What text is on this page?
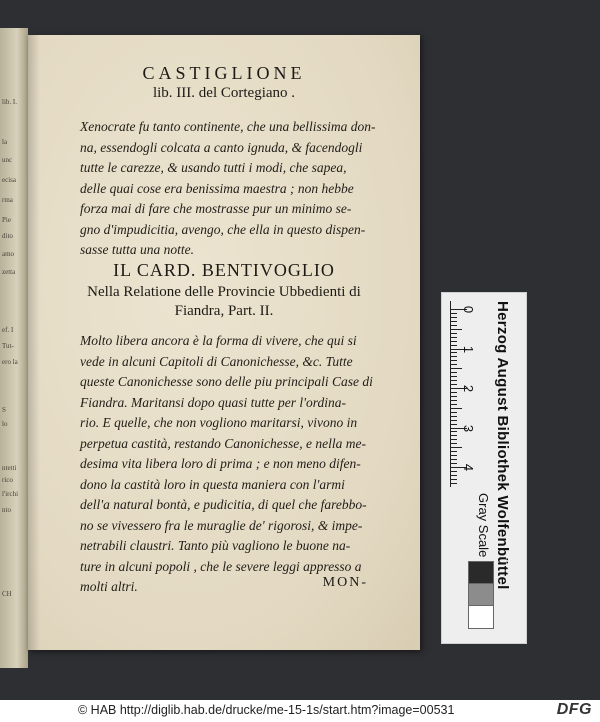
lib. I.
la
unc
ecisa
rma
Pie
dito
amo
zetta
ef. I
Tut-
ero la
S
lo
ntetti
rico
l'irchi
nto
CH
CASTIGLIONE
lib. III. del Cortegiano .

Xenocrate fu tanto continente, che una bellissima don-
na, essendogli colcata a canto ignuda, & facendogli
tutte le carezze, & usando tutti i modi, che sapea,
delle quai cose era benissima maestra ; non hebbe
forza mai di fare che mostrasse pur un minimo se-
gno d'impudicitia, avengo, che ella in questo dispen-
sasse tutta una notte.

IL CARD. BENTIVOGLIO
Nella Relatione delle Provincie Ubbedienti di
Fiandra, Part. II.

Molto libera ancora è la forma di vivere, che qui si
vede in alcuni Capitoli di Canonichesse, &c. Tutte
queste Canonichesse sono delle piu principali Case di
Fiandra. Maritansi dopo quasi tutte per l'ordina-
rio. E quelle, che non vogliono maritarsi, vivono in
perpetua castità, restando Canonichesse, e nella me-
desima vita libera loro di prima ; e non meno difen-
dono la castità loro in questa maniera con l'armi
dell'a natural bontà, e pudicitia, di quel che farebbo-
no se vivessero fra le muraglie de' rigorosi, & impe-
netrabili claustri. Tanto più vagliono le buone na-
ture in alcuni popoli , che le severe leggi appresso a
molti altri.	MON-
0
1
2
3
4
Gray Scale Herzog August Bibliothek Wolfenbüttel
© HAB http://diglib.hab.de/drucke/me-15-1s/start.htm?image=00531	DFG
